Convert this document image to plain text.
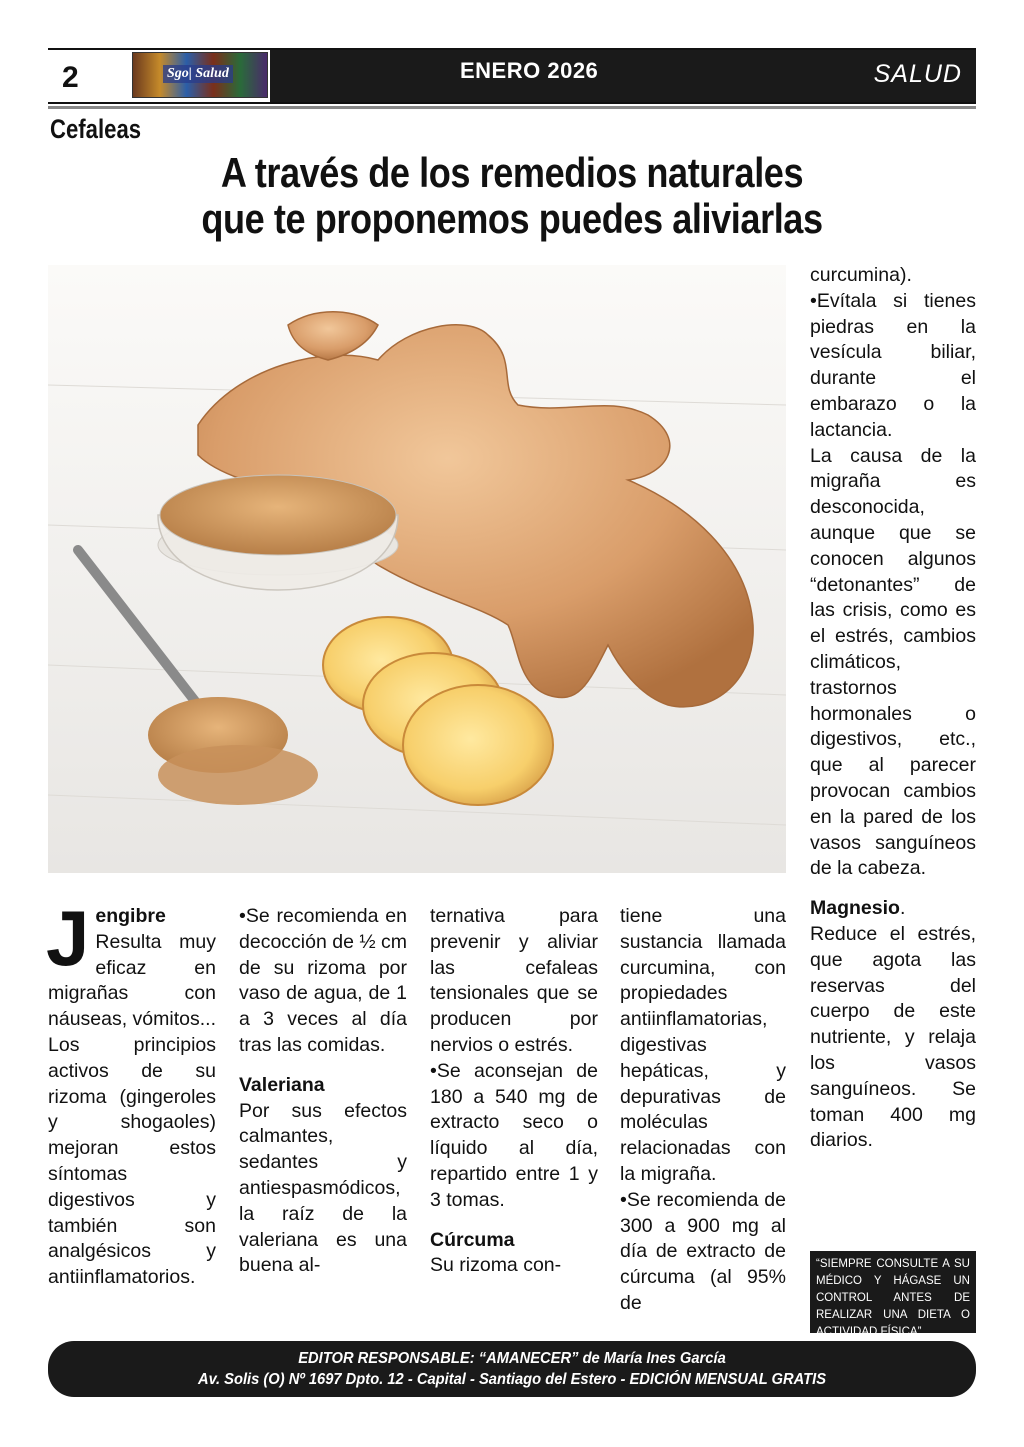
2	Sgo| Salud	ENERO 2026	SALUD
Cefaleas
A través de los remedios naturales
que te proponemos puedes aliviarlas
J engibre Resulta muy eficaz en migrañas con náuseas, vómitos... Los principios activos de su rizoma (gingeroles y shogaoles) mejoran estos síntomas digestivos y también son analgésicos y antiinflamatorios.

•Se recomienda en decocción de ½ cm de su rizoma por vaso de agua, de 1 a 3 veces al día tras las comidas.

Valeriana

Por sus efectos calmantes, sedantes y antiespasmódicos, la raíz de la valeriana es una buena al-

ternativa para prevenir y aliviar las cefaleas tensionales que se producen por nervios o estrés.

•Se aconsejan de 180 a 540 mg de extracto seco o líquido al día, repartido entre 1 y 3 tomas.

Cúrcuma

Su rizoma con-

tiene una sustancia llamada curcumina, con propiedades antiinflamatorias, digestivas hepáticas, y depurativas de moléculas relacionadas con la migraña.

•Se recomienda de 300 a 900 mg al día de extracto de cúrcuma (al 95% de

curcumina).

•Evítala si tienes piedras en la vesícula biliar, durante el embarazo o la lactancia.

La causa de la migraña es desconocida, aunque que se conocen algunos “detonantes” de las crisis, como es el estrés, cambios climáticos, trastornos hormonales o digestivos, etc., que al parecer provocan cambios en la pared de los vasos sanguíneos de la cabeza.

Magnesio.

Reduce el estrés, que agota las reservas del cuerpo de este nutriente, y relaja los vasos sanguíneos. Se toman 400 mg diarios.

“SIEMPRE CONSULTE A SU MÉDICO Y HÁGASE UN CONTROL ANTES DE REALIZAR UNA DIETA O ACTIVIDAD FÍSICA”
EDITOR RESPONSABLE: “AMANECER” de María Ines García
Av. Solis (O) Nº 1697 Dpto. 12 - Capital - Santiago del Estero - EDICIÓN MENSUAL GRATIS
